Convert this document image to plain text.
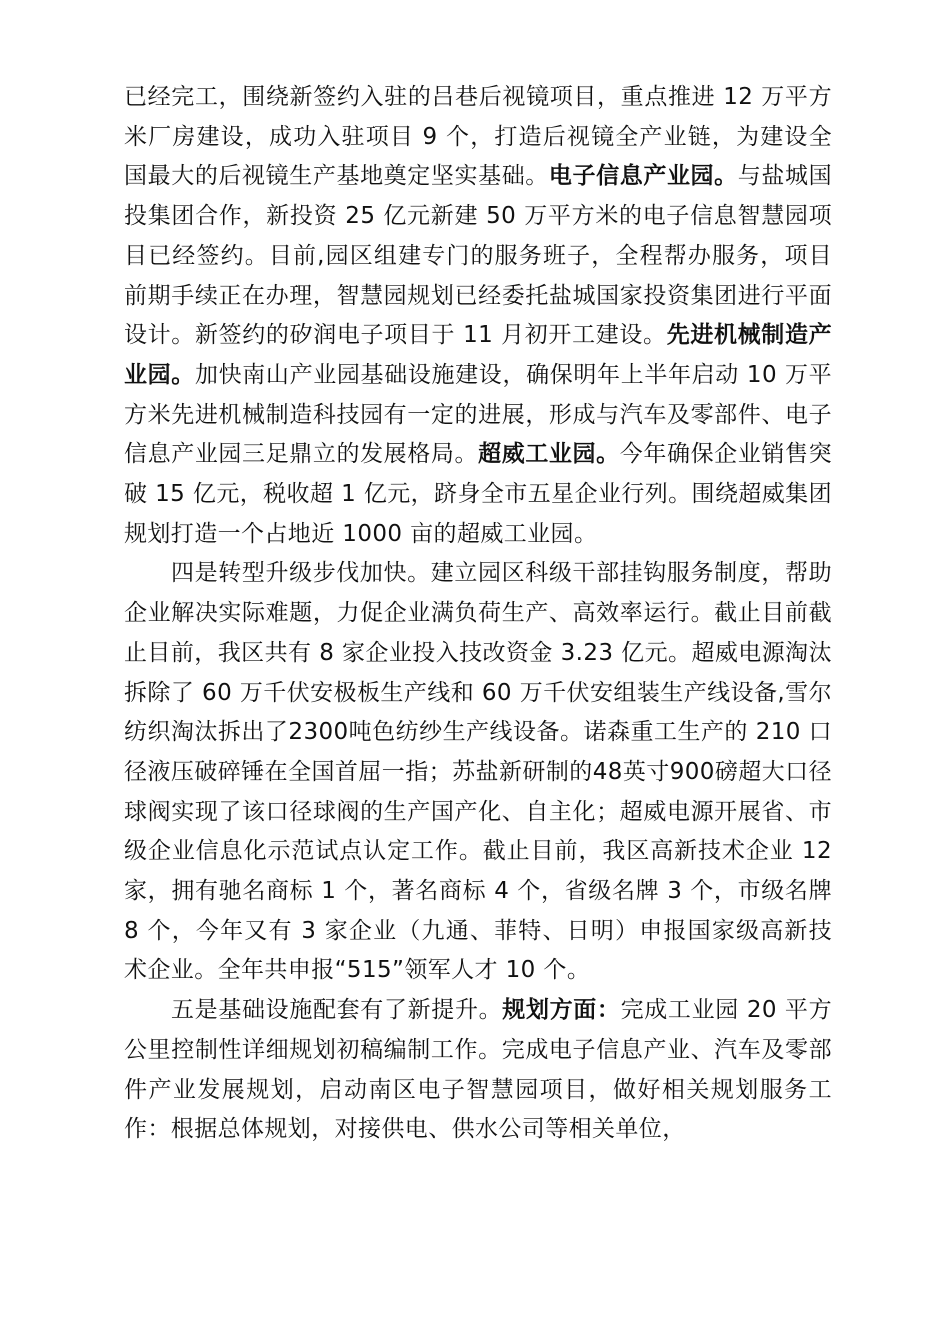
已经完工，围绕新签约入驻的吕巷后视镜项目，重点推进 12 万平方米厂房建设，成功入驻项目 9 个，打造后视镜全产业链，为建设全国最大的后视镜生产基地奠定坚实基础。电子信息产业园。与盐城国投集团合作，新投资 25 亿元新建 50 万平方米的电子信息智慧园项目已经签约。目前,园区组建专门的服务班子，全程帮办服务，项目前期手续正在办理，智慧园规划已经委托盐城国家投资集团进行平面设计。新签约的矽润电子项目于 11 月初开工建设。先进机械制造产业园。加快南山产业园基础设施建设，确保明年上半年启动 10 万平方米先进机械制造科技园有一定的进展，形成与汽车及零部件、电子信息产业园三足鼎立的发展格局。超威工业园。今年确保企业销售突破 15 亿元，税收超 1 亿元，跻身全市五星企业行列。围绕超威集团规划打造一个占地近 1000 亩的超威工业园。

四是转型升级步伐加快。建立园区科级干部挂钩服务制度，帮助企业解决实际难题，力促企业满负荷生产、高效率运行。截止目前截止目前，我区共有 8 家企业投入技改资金 3.23 亿元。超威电源淘汰拆除了 60 万千伏安极板生产线和 60 万千伏安组装生产线设备,雪尔纺织淘汰拆出了2300吨色纺纱生产线设备。诺森重工生产的 210 口径液压破碎锤在全国首屈一指；苏盐新研制的48英寸900磅超大口径球阀实现了该口径球阀的生产国产化、自主化；超威电源开展省、市级企业信息化示范试点认定工作。截止目前，我区高新技术企业 12 家，拥有驰名商标 1 个，著名商标 4 个，省级名牌 3 个，市级名牌 8 个，今年又有 3 家企业（九通、菲特、日明）申报国家级高新技术企业。全年共申报“515”领军人才 10 个。

五是基础设施配套有了新提升。规划方面：完成工业园 20 平方公里控制性详细规划初稿编制工作。完成电子信息产业、汽车及零部件产业发展规划，启动南区电子智慧园项目，做好相关规划服务工作：根据总体规划，对接供电、供水公司等相关单位，
